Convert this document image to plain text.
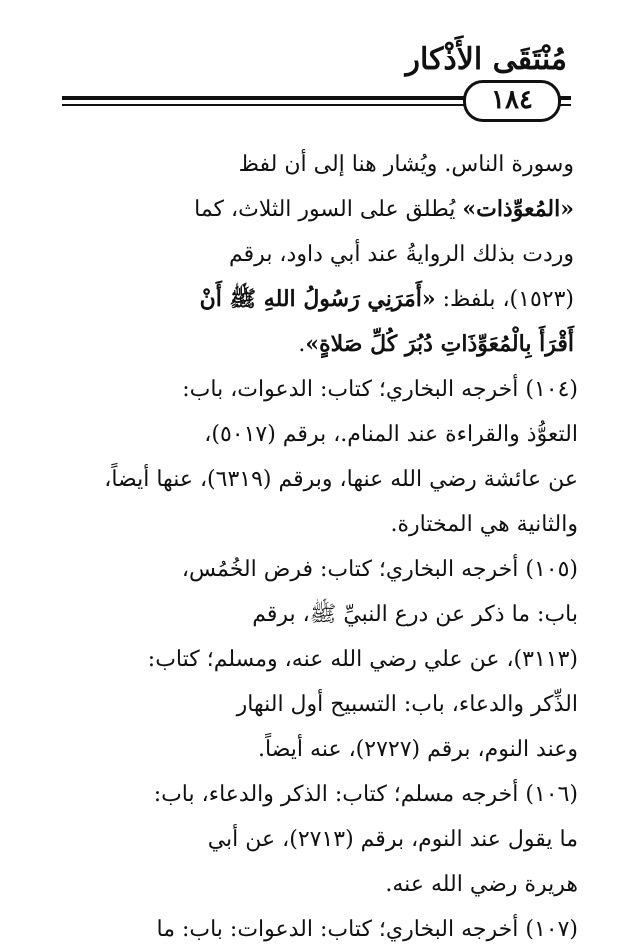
مُنْتَقَى الأَذْكار
١٨٤

وسورة الناس. ويُشار هنا إلى أن لفظ
«المُعوِّذات» يُطلق على السور الثلاث، كما
وردت بذلك الروايةُ عند أبي داود، برقم
(١٥٢٣)، بلفظ: «أَمَرَنِي رَسُولُ اللهِ ﷺ أَنْ
أَقْرَأَ بِالْمُعَوِّذَاتِ دُبُرَ كُلِّ صَلاةٍ».

(١٠٤) أخرجه البخاري؛ كتاب: الدعوات، باب:
التعوُّذ والقراءة عند المنام.، برقم (٥٠١٧)،
عن عائشة رضي الله عنها، وبرقم (٦٣١٩)، عنها أيضاً،
والثانية هي المختارة.
(١٠٥) أخرجه البخاري؛ كتاب: فرض الخُمُس،
باب: ما ذكر عن درع النبيِّ ﷺ، برقم
(٣١١٣)، عن علي رضي الله عنه، ومسلم؛ كتاب:
الذِّكر والدعاء، باب: التسبيح أول النهار
وعند النوم، برقم (٢٧٢٧)، عنه أيضاً.
(١٠٦) أخرجه مسلم؛ كتاب: الذكر والدعاء، باب:
ما يقول عند النوم، برقم (٢٧١٣)، عن أبي
هريرة رضي الله عنه.
(١٠٧) أخرجه البخاري؛ كتاب: الدعوات: باب: ما
